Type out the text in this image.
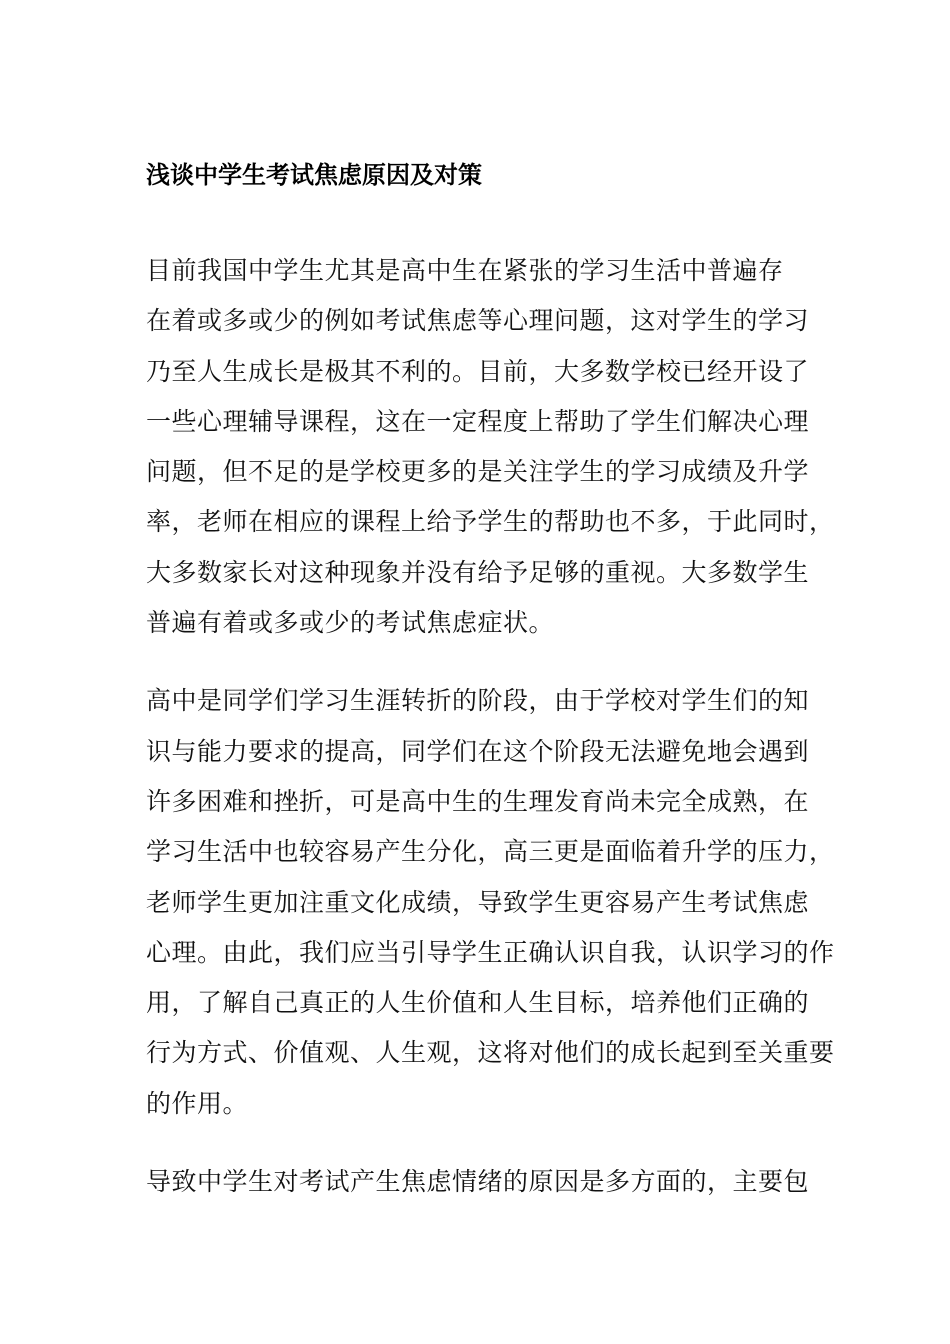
浅谈中学生考试焦虑原因及对策

目前我国中学生尤其是高中生在紧张的学习生活中普遍存
在着或多或少的例如考试焦虑等心理问题，这对学生的学习
乃至人生成长是极其不利的。目前，大多数学校已经开设了
一些心理辅导课程，这在一定程度上帮助了学生们解决心理
问题，但不足的是学校更多的是关注学生的学习成绩及升学
率，老师在相应的课程上给予学生的帮助也不多，于此同时，
大多数家长对这种现象并没有给予足够的重视。大多数学生
普遍有着或多或少的考试焦虑症状。

高中是同学们学习生涯转折的阶段，由于学校对学生们的知
识与能力要求的提高，同学们在这个阶段无法避免地会遇到
许多困难和挫折，可是高中生的生理发育尚未完全成熟，在
学习生活中也较容易产生分化，高三更是面临着升学的压力，
老师学生更加注重文化成绩，导致学生更容易产生考试焦虑
心理。由此，我们应当引导学生正确认识自我，认识学习的作
用，了解自己真正的人生价值和人生目标，培养他们正确的
行为方式、价值观、人生观，这将对他们的成长起到至关重要
的作用。

导致中学生对考试产生焦虑情绪的原因是多方面的，主要包
